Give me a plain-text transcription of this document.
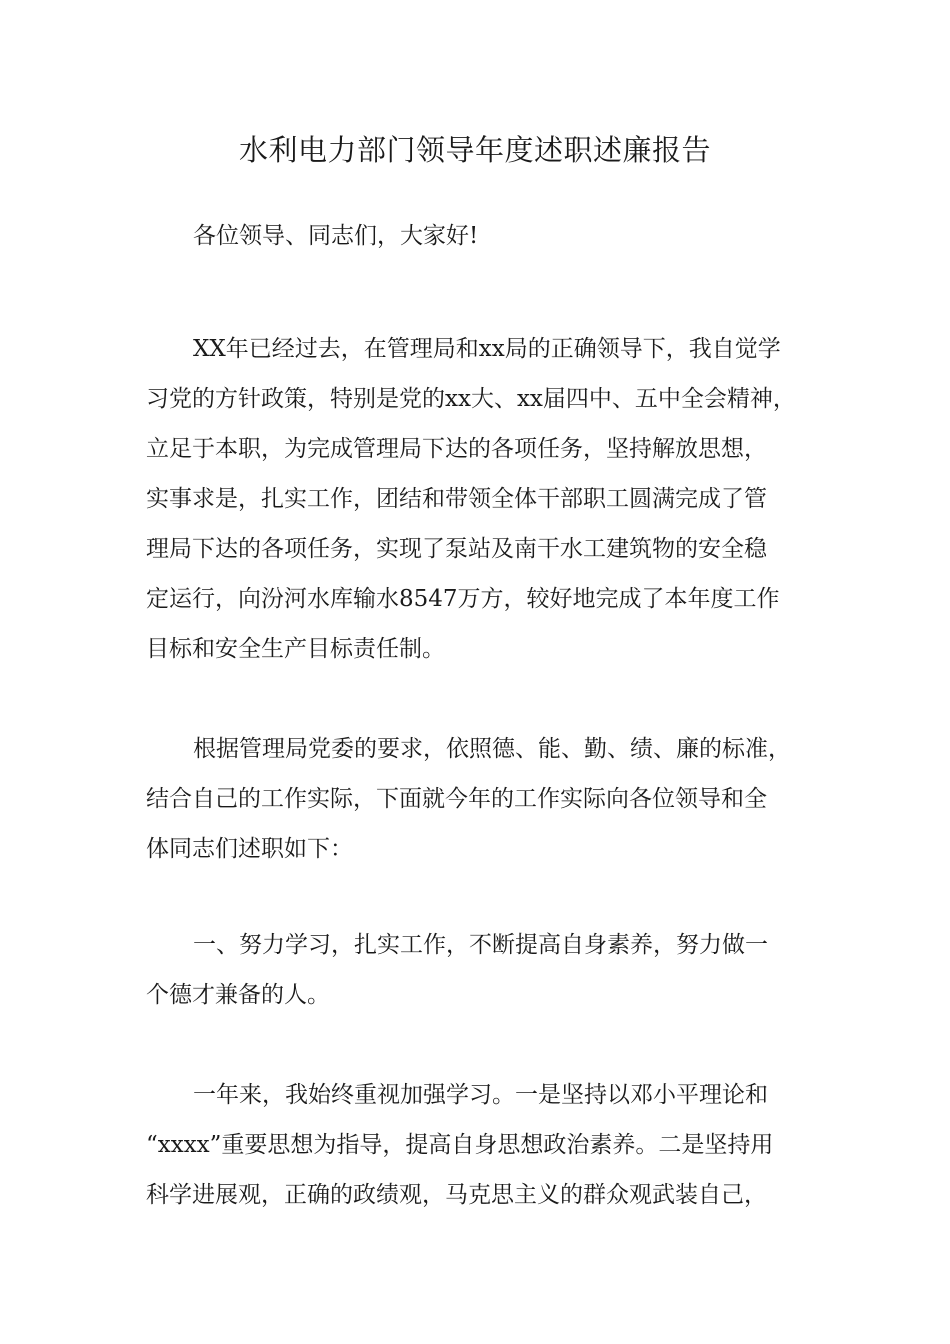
水利电力部门领导年度述职述廉报告
各位领导、同志们，大家好!
XX年已经过去，在管理局和xx局的正确领导下，我自觉学
习党的方针政策，特别是党的xx大、xx届四中、五中全会精神，
立足于本职，为完成管理局下达的各项任务，坚持解放思想，
实事求是，扎实工作，团结和带领全体干部职工圆满完成了管
理局下达的各项任务，实现了泵站及南干水工建筑物的安全稳
定运行，向汾河水库输水8547万方，较好地完成了本年度工作
目标和安全生产目标责任制。
根据管理局党委的要求，依照德、能、勤、绩、廉的标准，
结合自己的工作实际，下面就今年的工作实际向各位领导和全
体同志们述职如下：
一、努力学习，扎实工作，不断提高自身素养，努力做一
个德才兼备的人。
一年来，我始终重视加强学习。一是坚持以邓小平理论和
“xxxx”重要思想为指导，提高自身思想政治素养。二是坚持用
科学进展观，正确的政绩观，马克思主义的群众观武装自己，
